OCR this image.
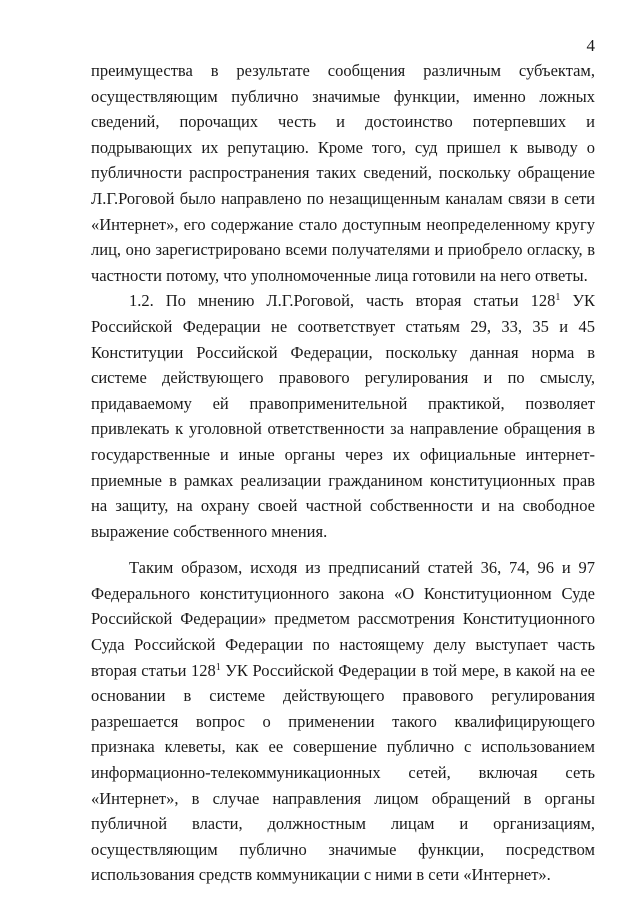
4

преимущества в результате сообщения различным субъектам, осуществляющим публично значимые функции, именно ложных сведений, порочащих честь и достоинство потерпевших и подрывающих их репутацию. Кроме того, суд пришел к выводу о публичности распространения таких сведений, поскольку обращение Л.Г.Роговой было направлено по незащищенным каналам связи в сети «Интернет», его содержание стало доступным неопределенному кругу лиц, оно зарегистрировано всеми получателями и приобрело огласку, в частности потому, что уполномоченные лица готовили на него ответы.

1.2. По мнению Л.Г.Роговой, часть вторая статьи $128^1$ УК Российской Федерации не соответствует статьям 29, 33, 35 и 45 Конституции Российской Федерации, поскольку данная норма в системе действующего правового регулирования и по смыслу, придаваемому ей правоприменительной практикой, позволяет привлекать к уголовной ответственности за направление обращения в государственные и иные органы через их официальные интернет-приемные в рамках реализации гражданином конституционных прав на защиту, на охрану своей частной собственности и на свободное выражение собственного мнения.

Таким образом, исходя из предписаний статей 36, 74, 96 и 97 Федерального конституционного закона «О Конституционном Суде Российской Федерации» предметом рассмотрения Конституционного Суда Российской Федерации по настоящему делу выступает часть вторая статьи $128^1$ УК Российской Федерации в той мере, в какой на ее основании в системе действующего правового регулирования разрешается вопрос о применении такого квалифицирующего признака клеветы, как ее совершение публично с использованием информационно-телекоммуникационных сетей, включая сеть «Интернет», в случае направления лицом обращений в органы публичной власти, должностным лицам и организациям, осуществляющим публично значимые функции, посредством использования средств коммуникации с ними в сети «Интернет».
